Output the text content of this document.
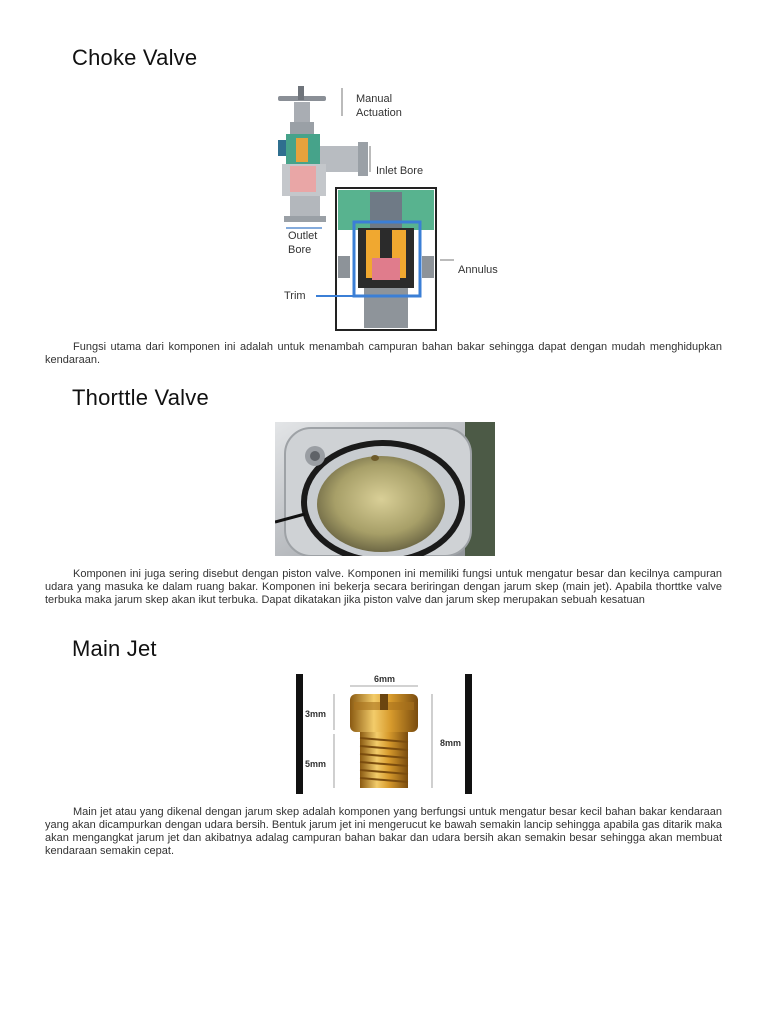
Choke Valve
Manual
Actuation
Inlet Bore
Outlet
Bore
Annulus
Trim

Fungsi utama dari komponen ini adalah untuk menambah campuran bahan bakar sehingga dapat dengan mudah menghidupkan kendaraan.

Thorttle Valve

Komponen ini juga sering disebut dengan piston valve. Komponen ini memiliki fungsi untuk mengatur besar dan kecilnya campuran udara yang masuka ke dalam ruang bakar. Komponen ini bekerja secara beriringan dengan jarum skep (main jet). Apabila thorttke valve terbuka maka jarum skep akan ikut terbuka. Dapat dikatakan jika piston valve dan jarum skep merupakan sebuah kesatuan

Main Jet
6mm
3mm
5mm
8mm

Main jet atau yang dikenal dengan jarum skep adalah komponen yang berfungsi untuk mengatur besar kecil bahan bakar kendaraan yang akan dicampurkan dengan udara bersih. Bentuk jarum jet ini mengerucut ke bawah semakin lancip sehingga apabila gas ditarik maka akan mengangkat jarum jet dan akibatnya adalag campuran bahan bakar dan udara bersih akan semakin besar sehingga akan membuat kendaraan semakin cepat.
